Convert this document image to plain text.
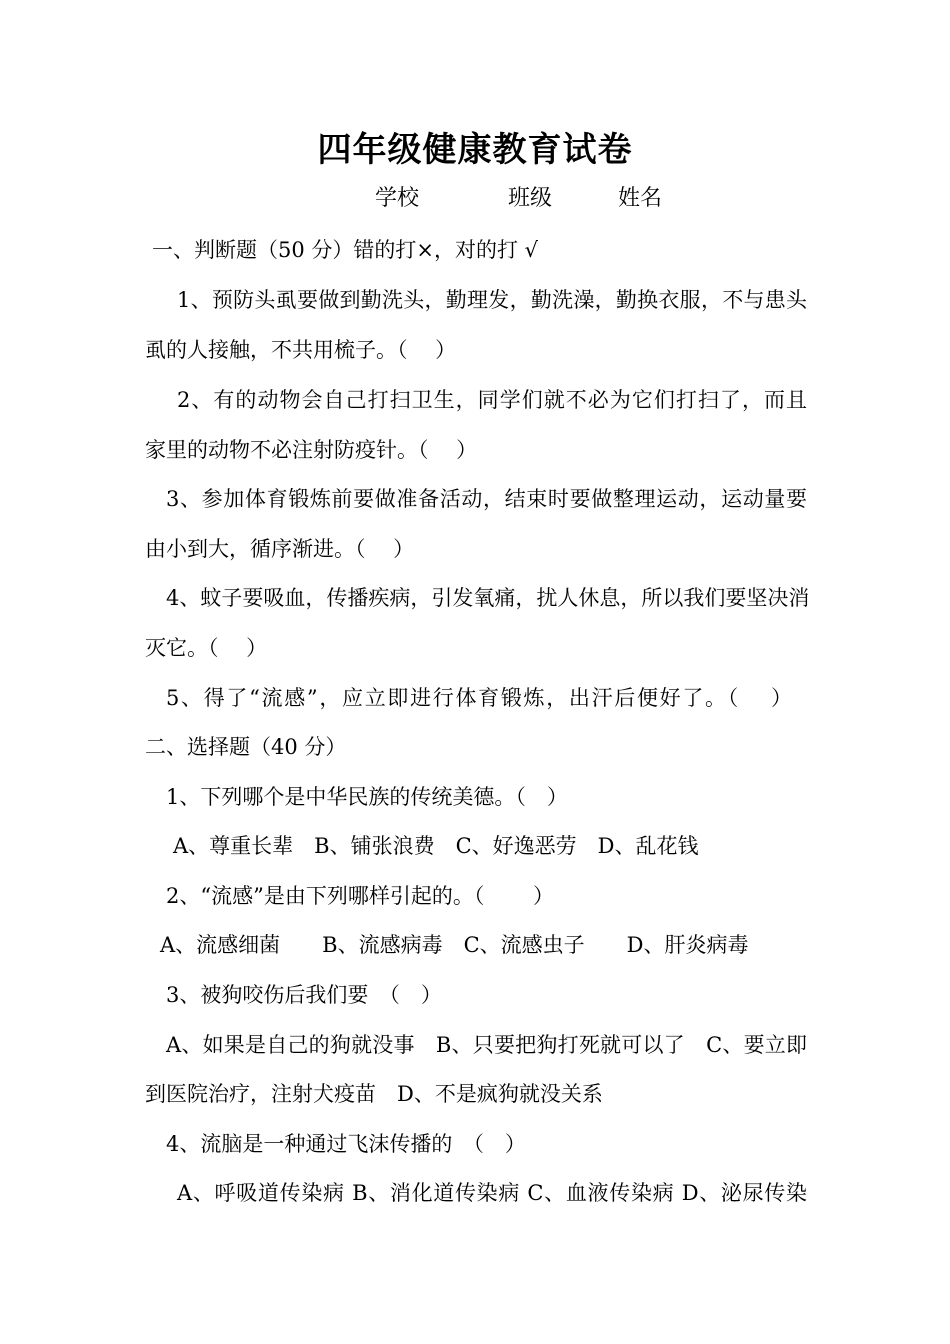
四年级健康教育试卷
学校	班级	姓名
一、判断题（50 分）错的打×，对的打 √
1、预防头虱要做到勤洗头，勤理发，勤洗澡，勤换衣服，不与患头
虱的人接触，不共用梳子。（　 ）
2、有的动物会自己打扫卫生，同学们就不必为它们打扫了，而且
家里的动物不必注射防疫针。（　 ）
3、参加体育锻炼前要做准备活动，结束时要做整理运动，运动量要
由小到大，循序渐进。（　 ）
4、蚊子要吸血，传播疾病，引发氧痛，扰人休息，所以我们要坚决消
灭它。（　 ）
5、得了“流感”，应立即进行体育锻炼，出汗后便好了。（　 ）
二、选择题（40 分）
1、下列哪个是中华民族的传统美德。（　）
A、尊重长辈　B、铺张浪费　C、好逸恶劳　D、乱花钱
2、“流感”是由下列哪样引起的。（　　 ）
A、流感细菌　　B、流感病毒　C、流感虫子　　D、肝炎病毒
3、被狗咬伤后我们要　（　）
A、如果是自己的狗就没事　B、只要把狗打死就可以了　C、要立即
到医院治疗，注射犬疫苗　D、不是疯狗就没关系
4、流脑是一种通过飞沫传播的　（　）
A、呼吸道传染病 B、消化道传染病 C、血液传染病 D、泌尿传染
